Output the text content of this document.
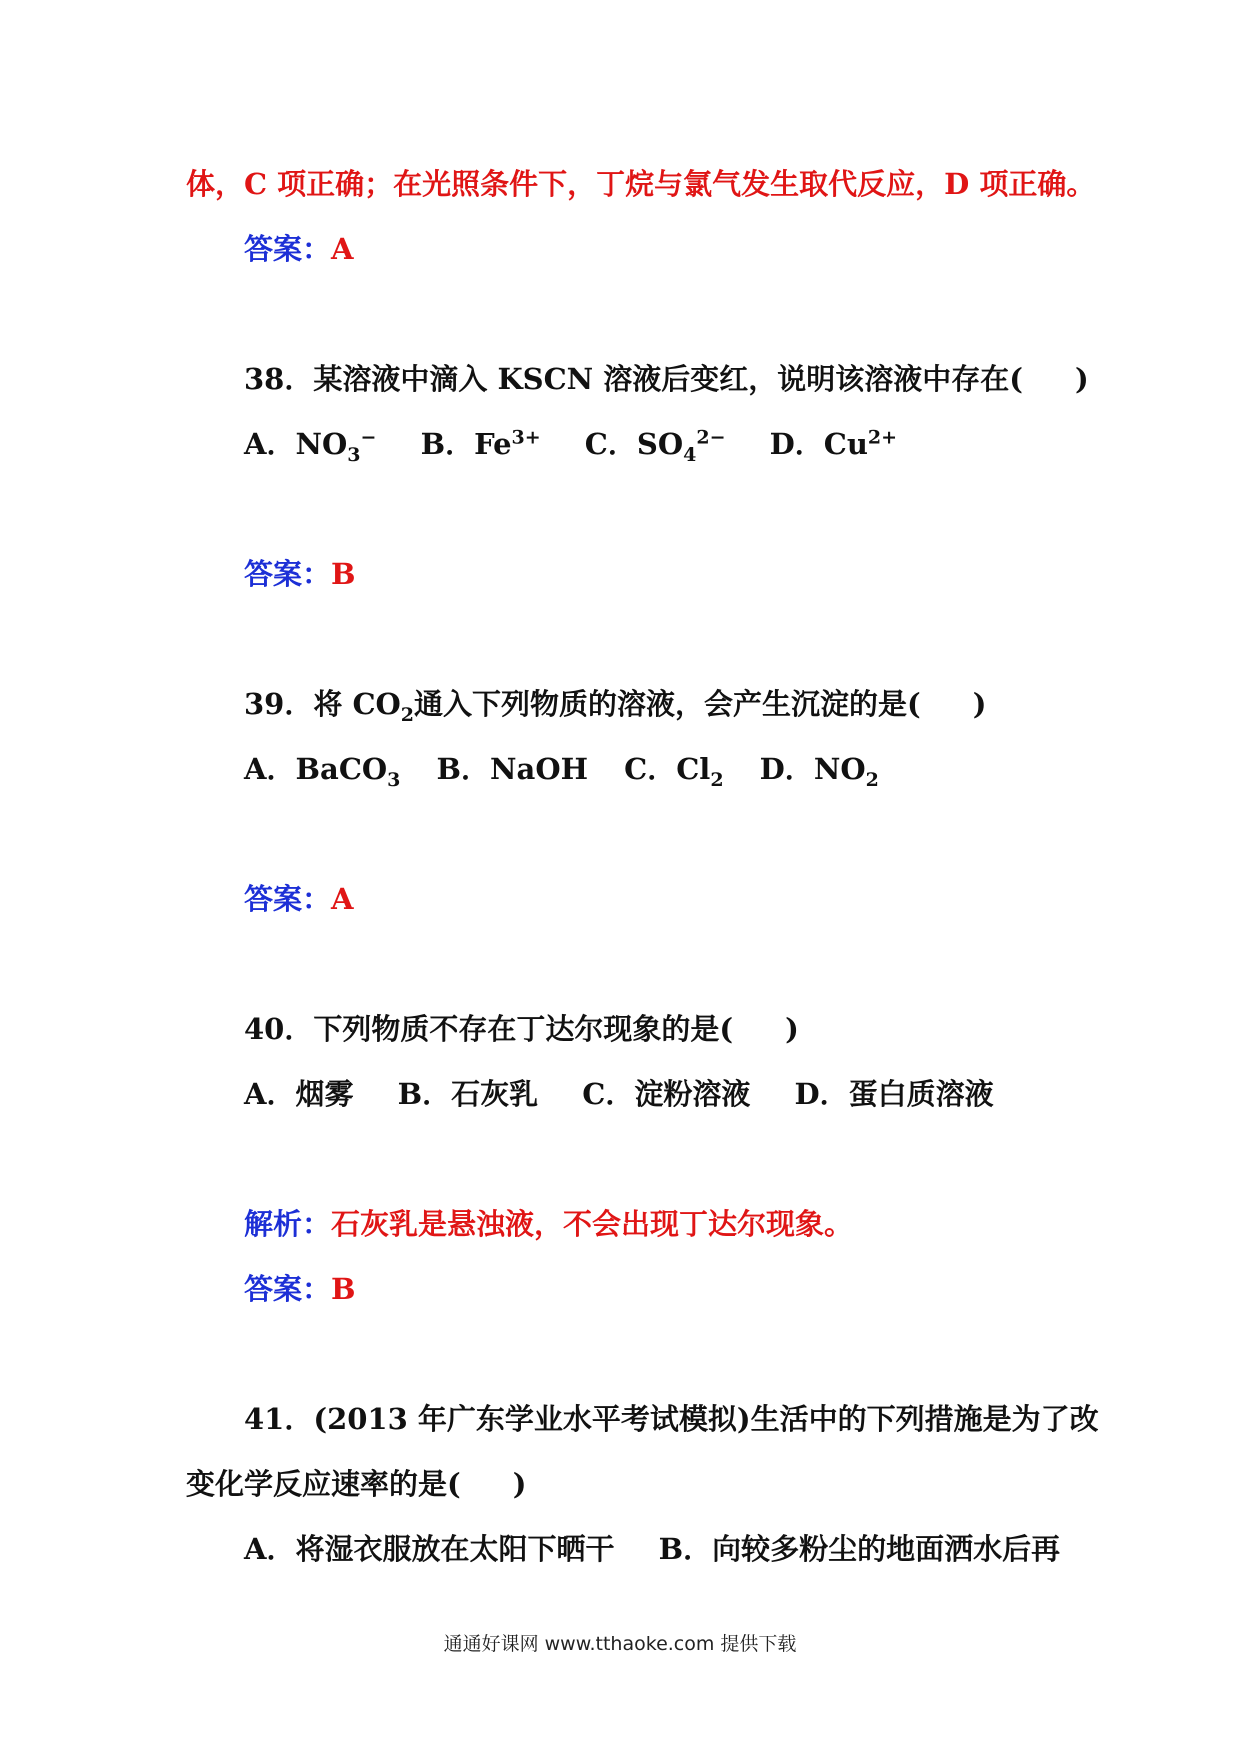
体，C 项正确；在光照条件下，丁烷与氯气发生取代反应，D 项正确。
答案：A
38．某溶液中滴入 KSCN 溶液后变红，说明该溶液中存在( )
A．$NO_3^-$ B．$Fe^{3+}$ C．$SO_4^{2-}$ D．$Cu^{2+}$
答案：B
39．将 $CO_2$通入下列物质的溶液，会产生沉淀的是( )
A．BaCO$_3$ B．NaOH C．$Cl_2$ D．$NO_2$
答案：A
40．下列物质不存在丁达尔现象的是( )
A．烟雾 B．石灰乳 C．淀粉溶液 D．蛋白质溶液
解析：石灰乳是悬浊液，不会出现丁达尔现象。
答案：B
41．(2013 年广东学业水平考试模拟)生活中的下列措施是为了改
变化学反应速率的是( )
A．将湿衣服放在太阳下晒干 B．向较多粉尘的地面洒水后再
通通好课网 www.tthaoke.com 提供下载
